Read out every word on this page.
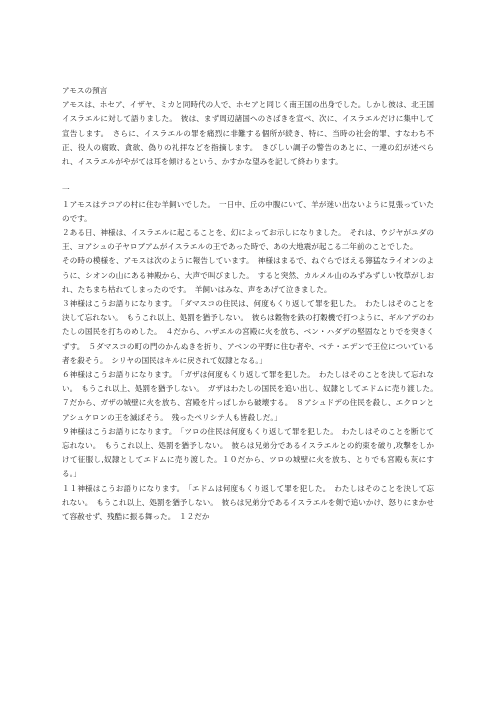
アモスの預言

アモスは、ホセア、イザヤ、ミカと同時代の人で、ホセアと同じく南王国の出身でした。しかし彼は、北王国イスラエルに対して語りました。　彼は、まず周辺諸国へのさばきを宣べ、次に、イスラエルだけに集中して宣告します。　さらに、イスラエルの罪を痛烈に非難する個所が続き、特に、当時の社会的罪、すなわち不正、役人の腐敗、貪欲、偽りの礼拝などを指摘します。　きびしい調子の警告のあとに、一連の幻が述べられ、イスラエルがやがては耳を傾けるという、かすかな望みを記して終わります。

一

１アモスはテコアの村に住む羊飼いでした。　一日中、丘の中腹にいて、羊が迷い出ないように見張っていたのです。

２ある日、神様は、イスラエルに起こることを、幻によってお示しになりました。　それは、ウジヤがユダの王、ヨアシュの子ヤロブアムがイスラエルの王であった時で、あの大地震が起こる二年前のことでした。

その時の模様を、アモスは次のように報告しています。　神様はまるで、ねぐらでほえる獰猛なライオンのように、シオンの山にある神殿から、大声で叫びました。　すると突然、カルメル山のみずみずしい牧草がしおれ、たちまち枯れてしまったのです。　羊飼いはみな、声をあげて泣きました。

３神様はこうお語りになります。　「ダマスコの住民は、何度もくり返して罪を犯した。　わたしはそのことを決して忘れない。　もうこれ以上、処罰を猶予しない。　彼らは穀物を鉄の打穀機で打つように、ギルアデのわたしの国民を打ちのめした。　４だから、ハザエルの宮殿に火を放ち、ベン・ハダデの堅固なとりでを突きくずす。　５ダマスコの町の門のかんぬきを折り、アベンの平野に住む者や、ベテ・エデンで王位についている者を殺そう。　シリヤの国民はキルに戻されて奴隷となる。」

６神様はこうお語りになります。　「ガザは何度もくり返して罪を犯した。　わたしはそのことを決して忘れない。　もうこれ以上、処罰を猶予しない。　ガザはわたしの国民を追い出し、奴隷としてエドムに売り渡した。　７だから、ガザの城壁に火を放ち、宮殿を片っぱしから破壊する。　８アシュドデの住民を殺し、エクロンとアシュケロンの王を滅ぼそう。　残ったペリシテ人も皆殺しだ。」

９神様はこうお語りになります。　「ツロの住民は何度もくり返して罪を犯した。　わたしはそのことを断じて忘れない。　もうこれ以上、処罰を猶予しない。　彼らは兄弟分であるイスラエルとの約束を破り,攻撃をしかけて征服し,奴隷としてエドムに売り渡した。１０だから、ツロの城壁に火を放ち、とりでも宮殿も灰にする。」

１１神様はこうお語りになります。　「エドムは何度もくり返して罪を犯した。　わたしはそのことを決して忘れない。　もうこれ以上、処罰を猶予しない。　彼らは兄弟分であるイスラエルを剣で追いかけ、怒りにまかせて容赦せず、残酷に振る舞った。　１２だか
